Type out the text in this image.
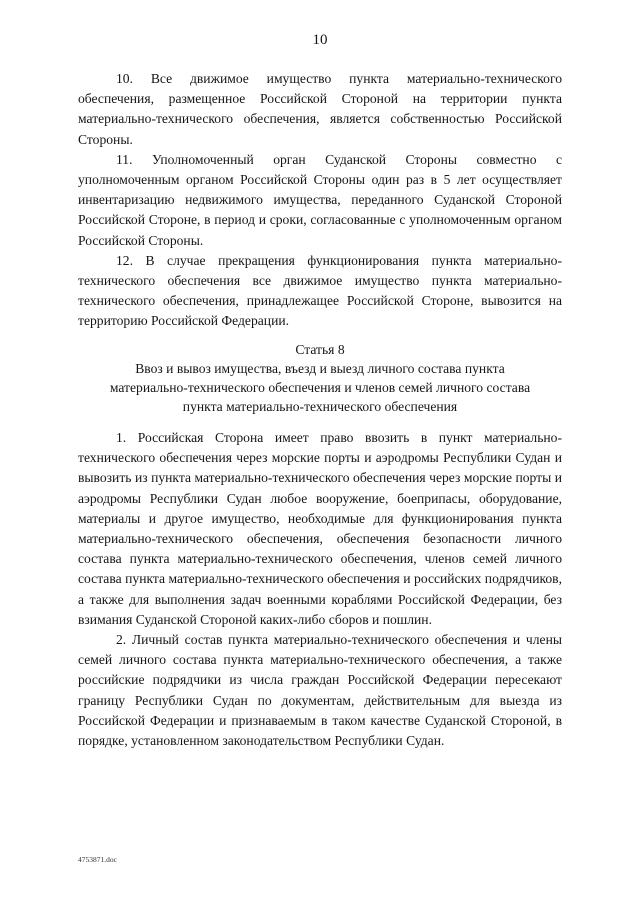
10

10. Все движимое имущество пункта материально-технического обеспечения, размещенное Российской Стороной на территории пункта материально-технического обеспечения, является собственностью Российской Стороны.

11. Уполномоченный орган Суданской Стороны совместно с уполномоченным органом Российской Стороны один раз в 5 лет осуществляет инвентаризацию недвижимого имущества, переданного Суданской Стороной Российской Стороне, в период и сроки, согласованные с уполномоченным органом Российской Стороны.

12. В случае прекращения функционирования пункта материально-технического обеспечения все движимое имущество пункта материально-технического обеспечения, принадлежащее Российской Стороне, вывозится на территорию Российской Федерации.

Статья 8
Ввоз и вывоз имущества, въезд и выезд личного состава пункта
материально-технического обеспечения и членов семей личного состава
пункта материально-технического обеспечения

1. Российская Сторона имеет право ввозить в пункт материально-технического обеспечения через морские порты и аэродромы Республики Судан и вывозить из пункта материально-технического обеспечения через морские порты и аэродромы Республики Судан любое вооружение, боеприпасы, оборудование, материалы и другое имущество, необходимые для функционирования пункта материально-технического обеспечения, обеспечения безопасности личного состава пункта материально-технического обеспечения, членов семей личного состава пункта материально-технического обеспечения и российских подрядчиков, а также для выполнения задач военными кораблями Российской Федерации, без взимания Суданской Стороной каких-либо сборов и пошлин.

2. Личный состав пункта материально-технического обеспечения и члены семей личного состава пункта материально-технического обеспечения, а также российские подрядчики из числа граждан Российской Федерации пересекают границу Республики Судан по документам, действительным для выезда из Российской Федерации и признаваемым в таком качестве Суданской Стороной, в порядке, установленном законодательством Республики Судан.

4753871.doc
